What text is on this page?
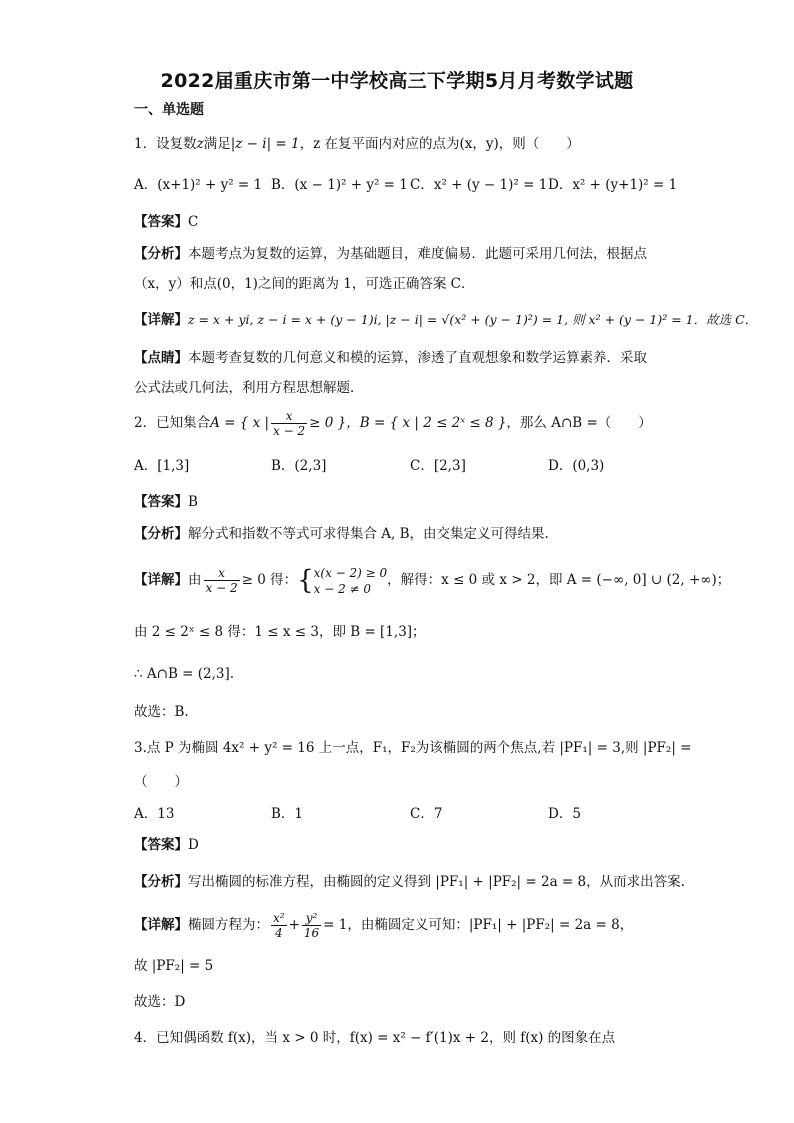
2022届重庆市第一中学校高三下学期5月月考数学试题
一、单选题
1．设复数z满足|z − i| = 1，z 在复平面内对应的点为(x，y)，则（　　）
A．(x+1)² + y² = 1 B．(x − 1)² + y² = 1 C．x² + (y − 1)² = 1 D．x² + (y+1)² = 1
【答案】C
【分析】本题考点为复数的运算，为基础题目，难度偏易．此题可采用几何法，根据点
（x，y）和点(0，1)之间的距离为 1，可选正确答案 C．
【详解】z = x + yi, z − i = x + (y − 1)i, |z − i| = √(x² + (y − 1)²) = 1, 则 x² + (y − 1)² = 1．故选 C．
【点睛】本题考查复数的几何意义和模的运算，渗透了直观想象和数学运算素养．采取
公式法或几何法，利用方程思想解题．
2．已知集合A = { x | $\frac{x}{x - 2} \ge 0$ }，B = { x | 2 ≤ 2ˣ ≤ 8 }，那么 A∩B =（　　）
A．[1,3]	B．(2,3]	C．[2,3]	D．(0,3)
【答案】B
【分析】解分式和指数不等式可求得集合 A, B，由交集定义可得结果.
【详解】由 $\frac{x}{x - 2} \ge 0$ 得：{ x(x − 2) ≥ 0
x − 2 ≠ 0
，解得：x ≤ 0 或 x > 2，即 A = (−∞, 0] ∪ (2, +∞)；
由 2 ≤ 2ˣ ≤ 8 得：1 ≤ x ≤ 3，即 B = [1,3]；
∴ A∩B = (2,3].
故选：B.
3.点 P 为椭圆 4x² + y² = 16 上一点，F₁，F₂为该椭圆的两个焦点,若 |PF₁| = 3,则 |PF₂| =
（　　）
A．13	B．1	C．7	D．5
【答案】D
【分析】写出椭圆的标准方程，由椭圆的定义得到 |PF₁| + |PF₂| = 2a = 8，从而求出答案.
【详解】椭圆方程为： $\frac{\text{x²}}{4} + \frac{\text{y²}}{16} = 1$，由椭圆定义可知：|PF₁| + |PF₂| = 2a = 8，
故 |PF₂| = 5
故选：D
4．已知偶函数 f(x)，当 x > 0 时，f(x) = x² − f′(1)x + 2，则 f(x) 的图象在点
